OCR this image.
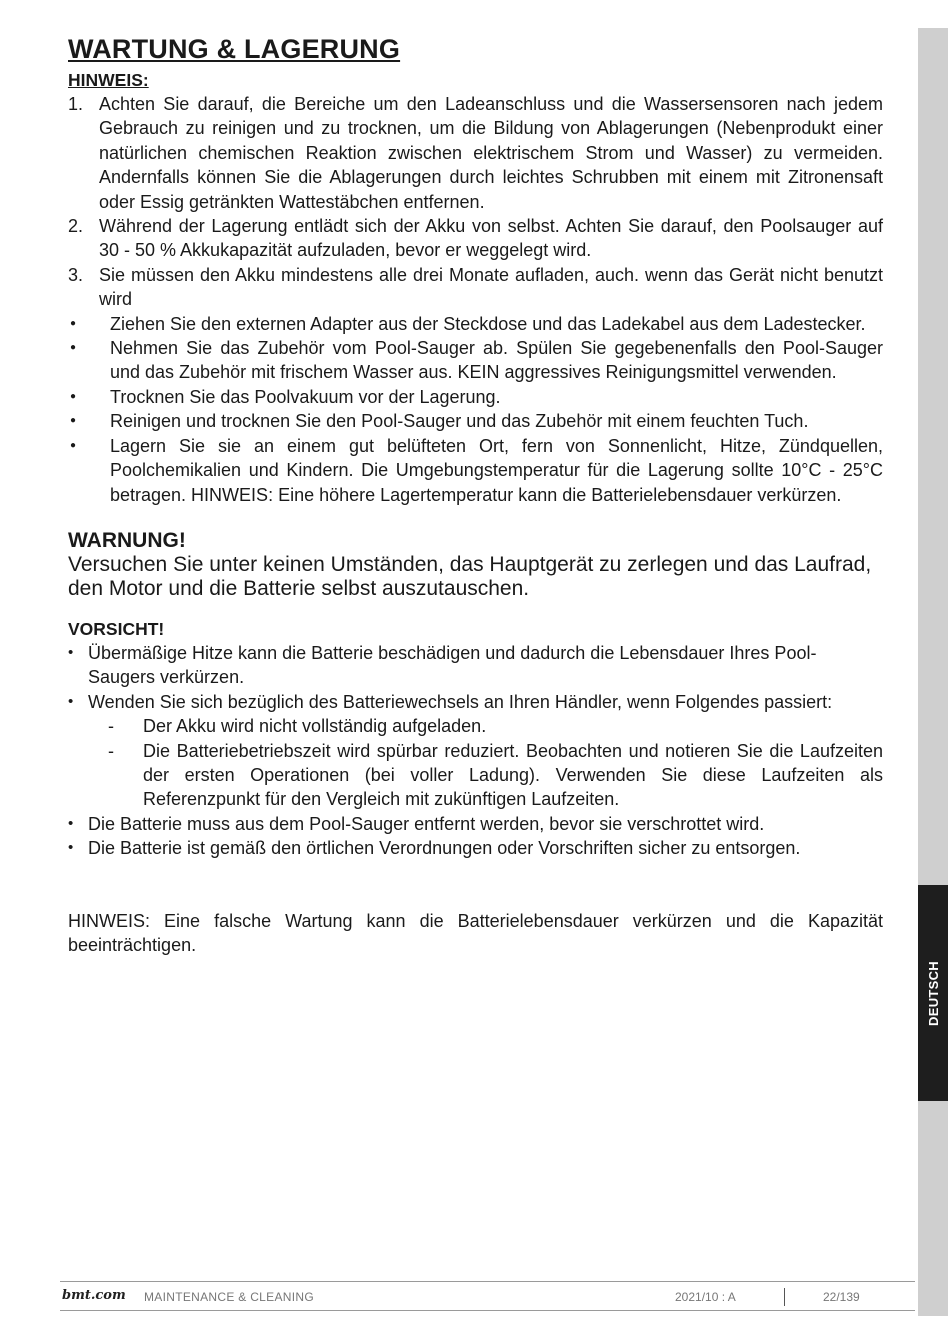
DEUTSCH
WARTUNG & LAGERUNG
HINWEIS:
1. Achten Sie darauf, die Bereiche um den Ladeanschluss und die Wassersensoren nach jedem Gebrauch zu reinigen und zu trocknen, um die Bildung von Ablagerungen (Nebenprodukt einer natürlichen chemischen Reaktion zwischen elektrischem Strom und Wasser) zu vermeiden. Andernfalls können Sie die Ablagerungen durch leichtes Schrubben mit einem mit Zitronensaft oder Essig getränkten Wattestäbchen entfernen.
2. Während der Lagerung entlädt sich der Akku von selbst. Achten Sie darauf, den Poolsauger auf 30 - 50 % Akkukapazität aufzuladen, bevor er weggelegt wird.
3. Sie müssen den Akku mindestens alle drei Monate aufladen, auch. wenn das Gerät nicht benutzt wird
●	Ziehen Sie den externen Adapter aus der Steckdose und das Ladekabel aus dem Ladestecker.
●	Nehmen Sie das Zubehör vom Pool-Sauger ab. Spülen Sie gegebenenfalls den Pool-Sauger und das Zubehör mit frischem Wasser aus. KEIN aggressives Reinigungsmittel verwenden.
●	Trocknen Sie das Poolvakuum vor der Lagerung.
●	Reinigen und trocknen Sie den Pool-Sauger und das Zubehör mit einem feuchten Tuch.
●	Lagern Sie sie an einem gut belüfteten Ort, fern von Sonnenlicht, Hitze, Zündquellen, Poolchemikalien und Kindern. Die Umgebungstemperatur für die Lagerung sollte 10°C - 25°C betragen. HINWEIS: Eine höhere Lagertemperatur kann die Batterielebensdauer verkürzen.
WARNUNG!
Versuchen Sie unter keinen Umständen, das Hauptgerät zu zerlegen und das Laufrad, den Motor und die Batterie selbst auszutauschen.
VORSICHT!
• Übermäßige Hitze kann die Batterie beschädigen und dadurch die Lebensdauer Ihres Pool-Saugers verkürzen.
• Wenden Sie sich bezüglich des Batteriewechsels an Ihren Händler, wenn Folgendes passiert:
-	Der Akku wird nicht vollständig aufgeladen.
-	Die Batteriebetriebszeit wird spürbar reduziert. Beobachten und notieren Sie die Laufzeiten der ersten Operationen (bei voller Ladung). Verwenden Sie diese Laufzeiten als Referenzpunkt für den Vergleich mit zukünftigen Laufzeiten.
• Die Batterie muss aus dem Pool-Sauger entfernt werden, bevor sie verschrottet wird.
• Die Batterie ist gemäß den örtlichen Verordnungen oder Vorschriften sicher zu entsorgen.
HINWEIS: Eine falsche Wartung kann die Batterielebensdauer verkürzen und die Kapazität beeinträchtigen.
bmt.com MAINTENANCE & CLEANING	2021/10 : A	22/139
